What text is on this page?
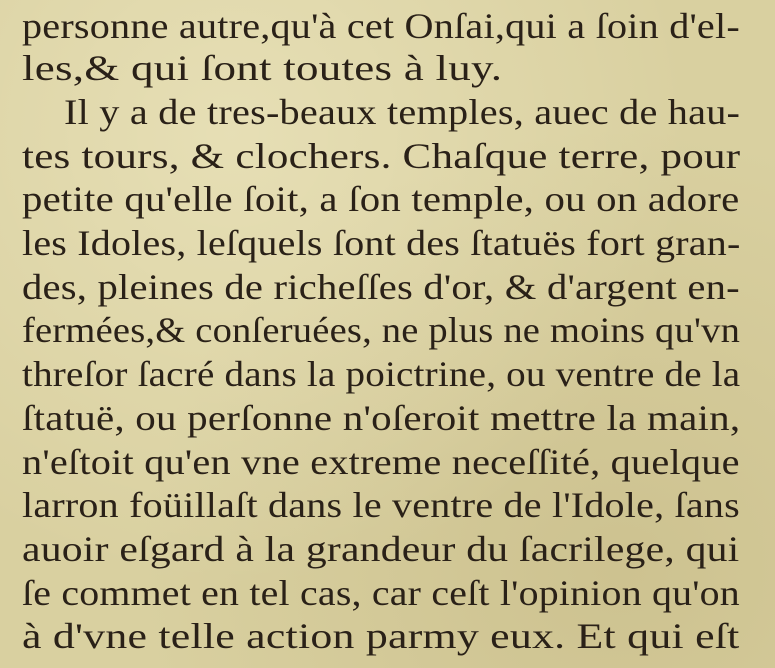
personne autre,qu'à cet Onſai,qui a ſoin d'el-
les,& qui ſont toutes à luy.
Il y a de tres-beaux temples, auec de hau-
tes tours, & clochers. Chaſque terre, pour
petite qu'elle ſoit, a ſon temple, ou on adore
les Idoles, leſquels ſont des ſtatuës fort gran-
des, pleines de richeſſes d'or, & d'argent en-
fermées,& conſeruées, ne plus ne moins qu'vn
threſor ſacré dans la poictrine, ou ventre de la
ſtatuë, ou perſonne n'oſeroit mettre la main,
n'eſtoit qu'en vne extreme neceſſité, quelque
larron foüillaſt dans le ventre de l'Idole, ſans
auoir eſgard à la grandeur du ſacrilege, qui
ſe commet en tel cas, car ceſt l'opinion qu'on
à d'vne telle action parmy eux. Et qui eſt
